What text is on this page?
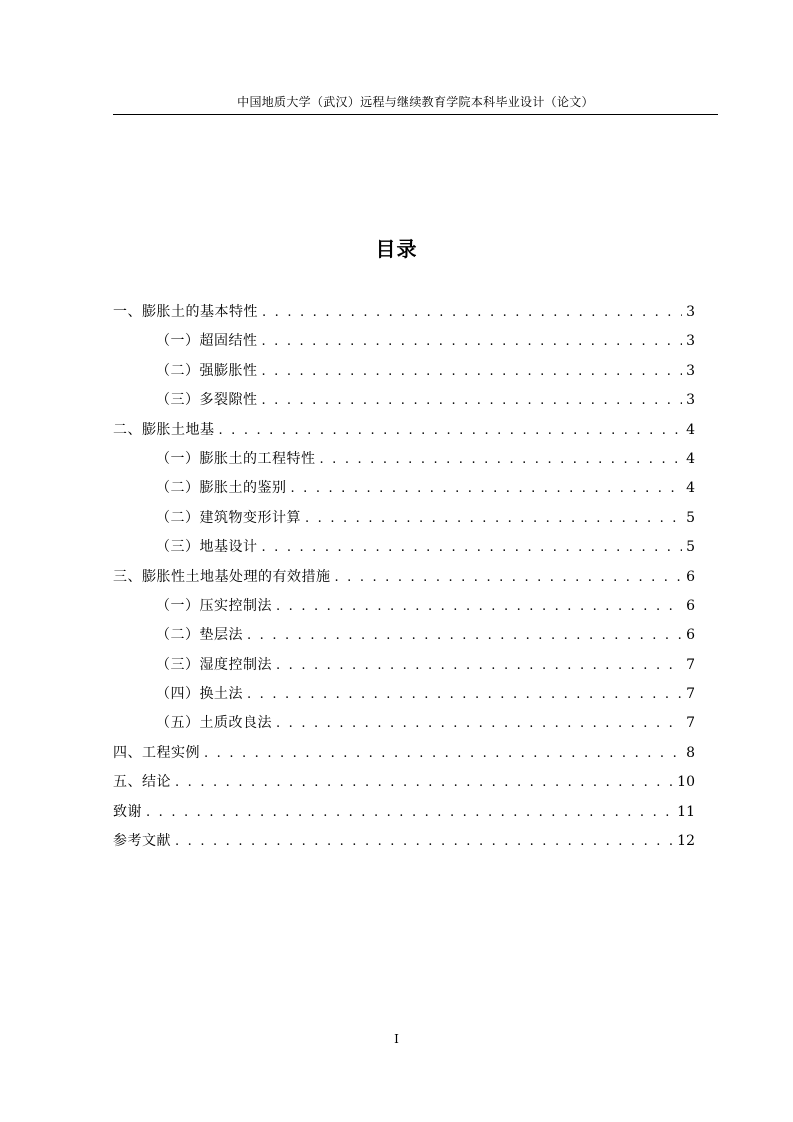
中国地质大学（武汉）远程与继续教育学院本科毕业设计（论文）
目录
一、膨胀土的基本特性 . . .	3
（一）超固结性 . . .	3
（二）强膨胀性 . . .	3
（三）多裂隙性 . . .	3
二、膨胀土地基 . . .	4
（一）膨胀土的工程特性 . . .	4
（二）膨胀土的鉴别 . . .	4
（二）建筑物变形计算 . . .	5
（三）地基设计 . . .	5
三、膨胀性土地基处理的有效措施 . . .	6
（一）压实控制法 . . .	6
（二）垫层法 . . .	6
（三）湿度控制法 . . .	7
（四）换土法 . . .	7
（五）土质改良法 . . .	7
四、工程实例 . . .	8
五、结论 . . .	10
致谢 . . .	11
参考文献 . . .	12
I
